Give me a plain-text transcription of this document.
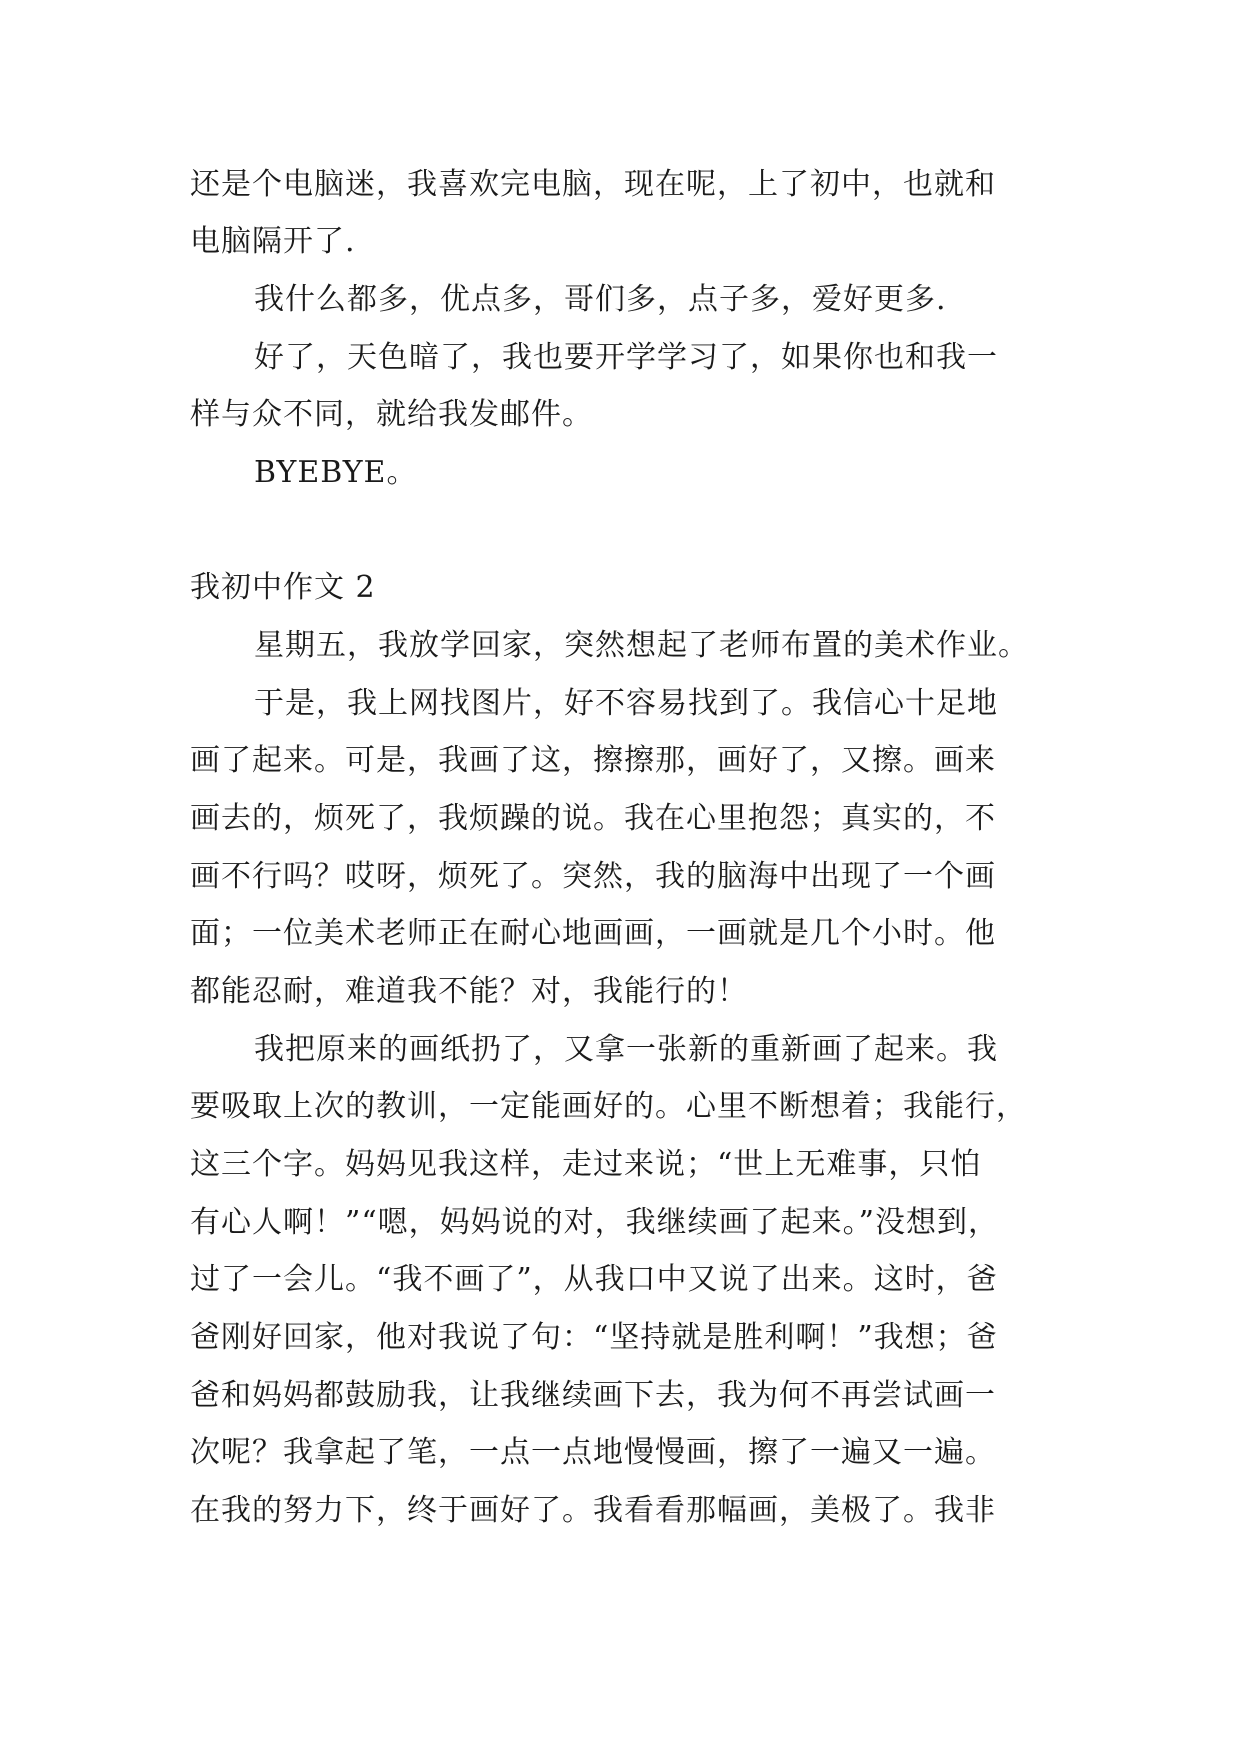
还是个电脑迷，我喜欢完电脑，现在呢，上了初中，也就和
电脑隔开了.
我什么都多，优点多，哥们多，点子多，爱好更多.
好了，天色暗了，我也要开学学习了，如果你也和我一
样与众不同，就给我发邮件。
BYEBYE。
我初中作文 2
星期五，我放学回家，突然想起了老师布置的美术作业。
于是，我上网找图片，好不容易找到了。我信心十足地
画了起来。可是，我画了这，擦擦那，画好了，又擦。画来
画去的，烦死了，我烦躁的说。我在心里抱怨；真实的，不
画不行吗？哎呀，烦死了。突然，我的脑海中出现了一个画
面；一位美术老师正在耐心地画画，一画就是几个小时。他
都能忍耐，难道我不能？对，我能行的！
我把原来的画纸扔了，又拿一张新的重新画了起来。我
要吸取上次的教训，一定能画好的。心里不断想着；我能行，
这三个字。妈妈见我这样，走过来说；“世上无难事，只怕
有心人啊！”“嗯，妈妈说的对，我继续画了起来。”没想到，
过了一会儿。“我不画了”，从我口中又说了出来。这时，爸
爸刚好回家，他对我说了句：“坚持就是胜利啊！”我想；爸
爸和妈妈都鼓励我，让我继续画下去，我为何不再尝试画一
次呢？我拿起了笔，一点一点地慢慢画，擦了一遍又一遍。
在我的努力下，终于画好了。我看看那幅画，美极了。我非
